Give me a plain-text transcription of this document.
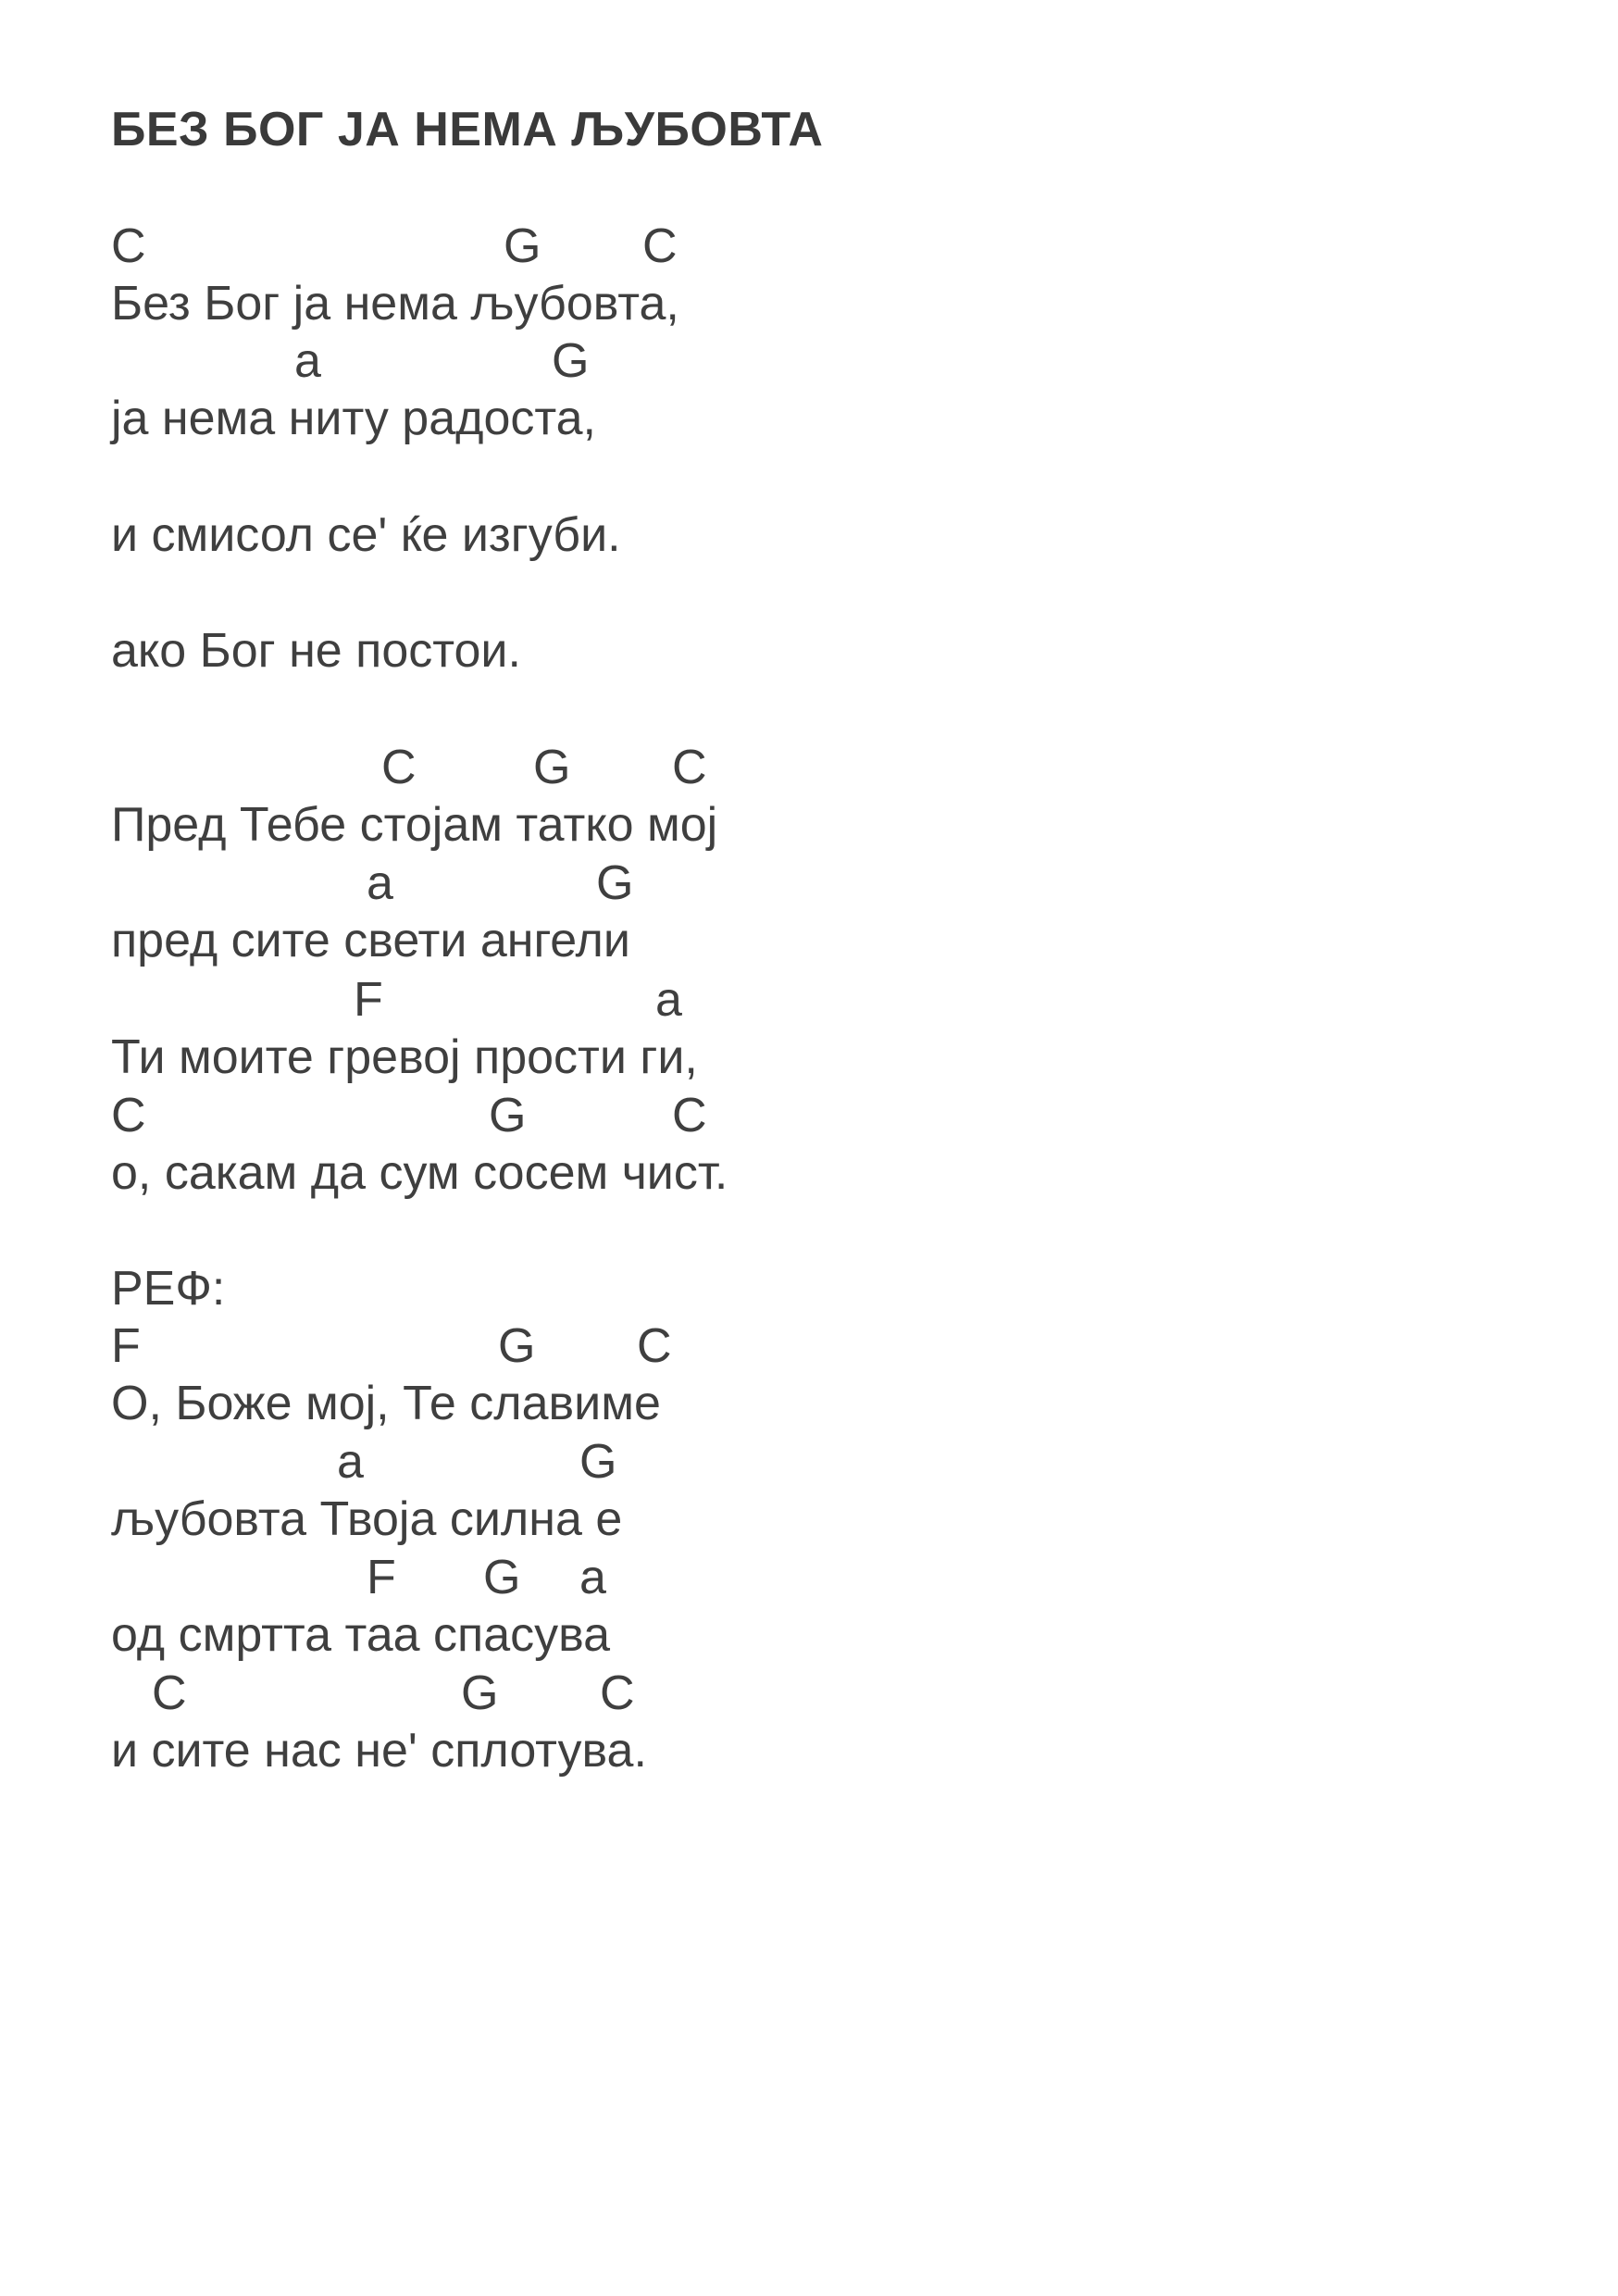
БЕЗ БОГ ЈА НЕМА ЉУБОВТА
C	G C
Без Бог ја нема љубовта,
a	G
ја нема ниту радоста,
и смисол се' ќе изгуби.
ако Бог не постои.
C G C
Пред Тебе стојам татко мој
a	G
пред сите свети ангели
F	a
Ти моите гревој прости ги,
C	G	C
о, сакам да сум сосем чист.
РЕФ:
F	G C
О, Боже мој, Те славиме
a	G
љубовта Твоја силна е
F G a
од смртта таа спасува
C	G C
и сите нас не' сплотува.
